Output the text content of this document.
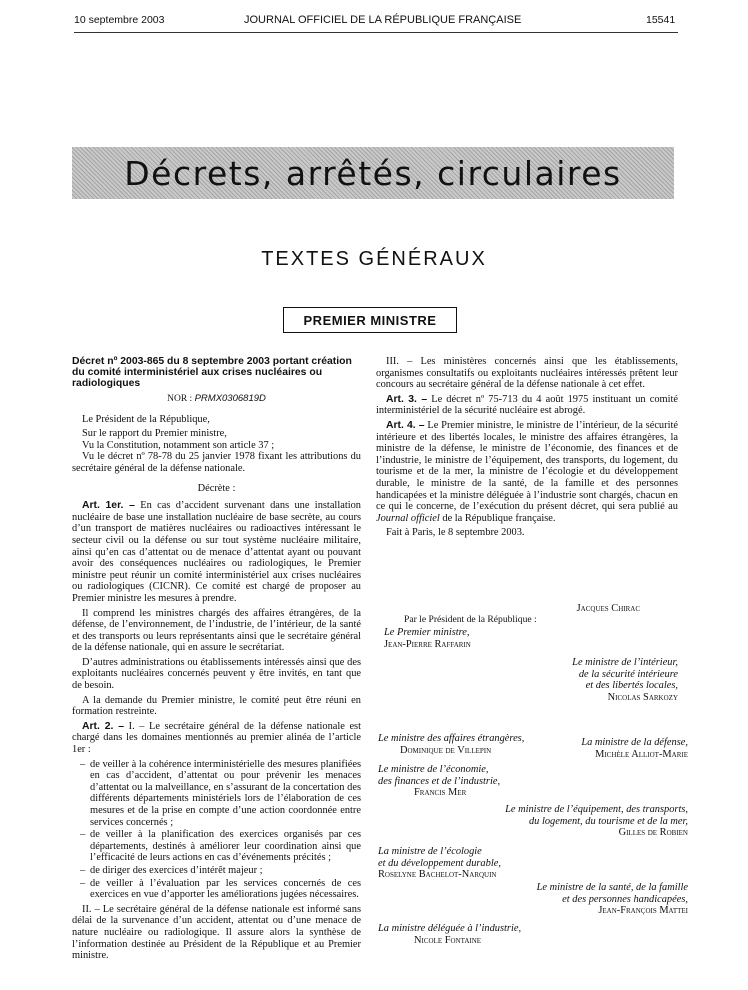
10 septembre 2003	JOURNAL OFFICIEL DE LA RÉPUBLIQUE FRANÇAISE	15541
Décrets, arrêtés, circulaires
TEXTES GÉNÉRAUX
PREMIER MINISTRE

Décret nº 2003-865 du 8 septembre 2003 portant création du comité interministériel aux crises nucléaires ou radiologiques

NOR : PRMX0306819D

Le Président de la République,

Sur le rapport du Premier ministre,

Vu la Constitution, notamment son article 37 ;

Vu le décret nº 78-78 du 25 janvier 1978 fixant les attributions du secrétaire général de la défense nationale.

Décrète :

Art. 1er. – En cas d’accident survenant dans une installation nucléaire de base une installation nucléaire de base secrète, au cours d’un transport de matières nucléaires ou radioactives intéressant le secteur civil ou la défense ou sur tout système nucléaire militaire, ainsi qu’en cas d’attentat ou de menace d’attentat ayant ou pouvant avoir des conséquences nucléaires ou radiologiques, le Premier ministre peut réunir un comité interministériel aux crises nucléaires ou radiologiques (CICNR). Ce comité est chargé de proposer au Premier ministre les mesures à prendre.

Il comprend les ministres chargés des affaires étrangères, de la défense, de l’environnement, de l’industrie, de l’intérieur, de la santé et des transports ou leurs représentants ainsi que le secrétaire général de la défense nationale, qui en assure le secrétariat.

D’autres administrations ou établissements intéressés ainsi que des exploitants nucléaires concernés peuvent y être invités, en tant que de besoin.

A la demande du Premier ministre, le comité peut être réuni en formation restreinte.

Art. 2. – I. – Le secrétaire général de la défense nationale est chargé dans les domaines mentionnés au premier alinéa de l’article 1er :

– de veiller à la cohérence interministérielle des mesures planifiées en cas d’accident, d’attentat ou pour prévenir les menaces d’attentat ou la malveillance, en s’assurant de la concertation des différents départements ministériels lors de l’élaboration de ces mesures et de la prise en compte d’une action coordonnée entre services concernés ;
– de veiller à la planification des exercices organisés par ces départements, destinés à améliorer leur coordination ainsi que l’efficacité de leurs actions en cas d’événements précités ;
– de diriger des exercices d’intérêt majeur ;
– de veiller à l’évaluation par les services concernés de ces exercices en vue d’apporter les améliorations jugées nécessaires.

II. – Le secrétaire général de la défense nationale est informé sans délai de la survenance d’un accident, attentat ou d’une menace de nature nucléaire ou radiologique. Il assure alors la synthèse de l’information destinée au Président de la République et au Premier ministre.

III. – Les ministères concernés ainsi que les établissements, organismes consultatifs ou exploitants nucléaires intéressés prêtent leur concours au secrétaire général de la défense nationale à cet effet.

Art. 3. – Le décret nº 75-713 du 4 août 1975 instituant un comité interministériel de la sécurité nucléaire est abrogé.

Art. 4. – Le Premier ministre, le ministre de l’intérieur, de la sécurité intérieure et des libertés locales, le ministre des affaires étrangères, la ministre de la défense, le ministre de l’économie, des finances et de l’industrie, le ministre de l’équipement, des transports, du logement, du tourisme et de la mer, la ministre de l’écologie et du développement durable, le ministre de la santé, de la famille et des personnes handicapées et la ministre déléguée à l’industrie sont chargés, chacun en ce qui le concerne, de l’exécution du présent décret, qui sera publié au Journal officiel de la République française.

Fait à Paris, le 8 septembre 2003.

Jacques Chirac
Par le Président de la République :
Le Premier ministre,
Jean-Pierre Raffarin
Le ministre de l’intérieur,
de la sécurité intérieure
et des libertés locales,
Nicolas Sarkozy
Le ministre des affaires étrangères,
Dominique de Villepin
La ministre de la défense,
Michèle Alliot-Marie
Le ministre de l’économie,
des finances et de l’industrie,
Francis Mer
Le ministre de l’équipement, des transports,
du logement, du tourisme et de la mer,
Gilles de Robien
La ministre de l’écologie
et du développement durable,
Roselyne Bachelot-Narquin
Le ministre de la santé, de la famille
et des personnes handicapées,
Jean-François Mattei
La ministre déléguée à l’industrie,
Nicole Fontaine
